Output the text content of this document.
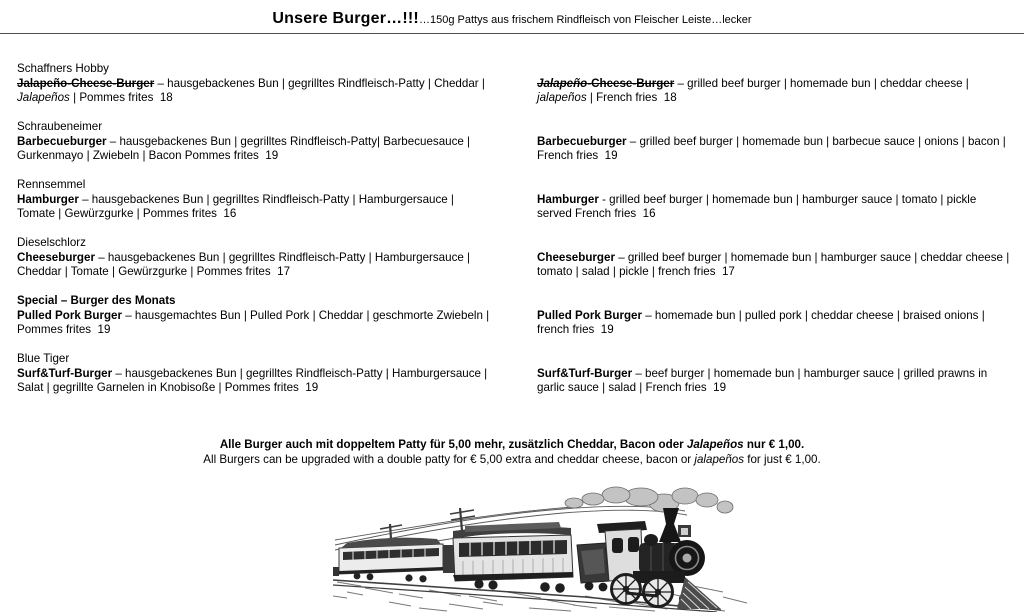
Unsere Burger…!!!…150g Pattys aus frischem Rindfleisch von Fleischer Leiste…lecker
Schaffners Hobby
Jalapeño-Cheese-Burger – hausgebackenes Bun | gegrilltes Rindfleisch-Patty | Cheddar | Jalapeños | Pommes frites  18
Jalapeño-Cheese-Burger – grilled beef burger | homemade bun | cheddar cheese | jalapeños | French fries  18
Schraubeneimer
Barbecueburger – hausgebackenes Bun | gegrilltes Rindfleisch-Patty| Barbecuesauce | Gurkenmayo | Zwiebeln | Bacon Pommes frites  19
Barbecueburger – grilled beef burger | homemade bun | barbecue sauce | onions | bacon | French fries  19
Rennsemmel
Hamburger – hausgebackenes Bun | gegrilltes Rindfleisch-Patty | Hamburgersauce | Tomate | Gewürzgurke | Pommes frites  16
Hamburger - grilled beef burger | homemade bun | hamburger sauce | tomato | pickle served French fries  16
Dieselschlorz
Cheeseburger – hausgebackenes Bun | gegrilltes Rindfleisch-Patty | Hamburgersauce | Cheddar | Tomate | Gewürzgurke | Pommes frites  17
Cheeseburger – grilled beef burger | homemade bun | hamburger sauce | cheddar cheese | tomato | salad | pickle | french fries  17
Special – Burger des Monats
Pulled Pork Burger – hausgemachtes Bun | Pulled Pork | Cheddar | geschmorte Zwiebeln | Pommes frites  19
Pulled Pork Burger – homemade bun | pulled pork | cheddar cheese | braised onions | french fries  19
Blue Tiger
Surf&Turf-Burger – hausgebackenes Bun | gegrilltes Rindfleisch-Patty | Hamburgersauce | Salat | gegrillte Garnelen in Knobisoße | Pommes frites  19
Surf&Turf-Burger – beef burger | homemade bun | hamburger sauce | grilled prawns in garlic sauce | salad | French fries  19

Alle Burger auch mit doppeltem Patty für 5,00 mehr, zusätzlich Cheddar, Bacon oder Jalapeños nur € 1,00.

All Burgers can be upgraded with a double patty for € 5,00 extra and cheddar cheese, bacon or jalapeños for just € 1,00.
